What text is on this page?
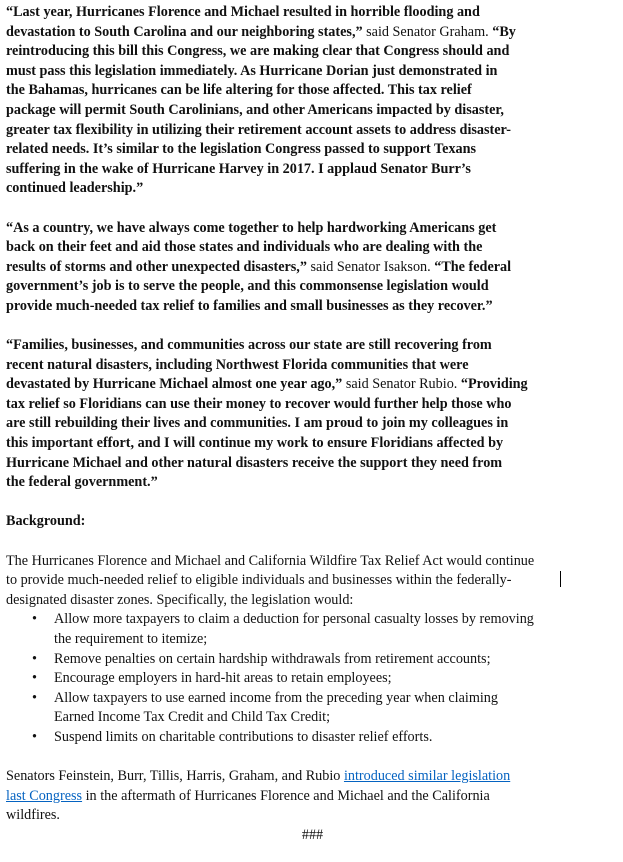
“Last year, Hurricanes Florence and Michael resulted in horrible flooding and
devastation to South Carolina and our neighboring states,” said Senator Graham. “By
reintroducing this bill this Congress, we are making clear that Congress should and
must pass this legislation immediately. As Hurricane Dorian just demonstrated in
the Bahamas, hurricanes can be life altering for those affected. This tax relief
package will permit South Carolinians, and other Americans impacted by disaster,
greater tax flexibility in utilizing their retirement account assets to address disaster-
related needs. It’s similar to the legislation Congress passed to support Texans
suffering in the wake of Hurricane Harvey in 2017. I applaud Senator Burr’s
continued leadership.”
“As a country, we have always come together to help hardworking Americans get
back on their feet and aid those states and individuals who are dealing with the
results of storms and other unexpected disasters,” said Senator Isakson. “The federal
government’s job is to serve the people, and this commonsense legislation would
provide much-needed tax relief to families and small businesses as they recover.”
“Families, businesses, and communities across our state are still recovering from
recent natural disasters, including Northwest Florida communities that were
devastated by Hurricane Michael almost one year ago,” said Senator Rubio. “Providing
tax relief so Floridians can use their money to recover would further help those who
are still rebuilding their lives and communities. I am proud to join my colleagues in
this important effort, and I will continue my work to ensure Floridians affected by
Hurricane Michael and other natural disasters receive the support they need from
the federal government.”
Background:
The Hurricanes Florence and Michael and California Wildfire Tax Relief Act would continue
to provide much-needed relief to eligible individuals and businesses within the federally-
designated disaster zones. Specifically, the legislation would:
• Allow more taxpayers to claim a deduction for personal casualty losses by removing
the requirement to itemize;
• Remove penalties on certain hardship withdrawals from retirement accounts;
• Encourage employers in hard-hit areas to retain employees;
• Allow taxpayers to use earned income from the preceding year when claiming
Earned Income Tax Credit and Child Tax Credit;
• Suspend limits on charitable contributions to disaster relief efforts.
Senators Feinstein, Burr, Tillis, Harris, Graham, and Rubio introduced similar legislation
last Congress in the aftermath of Hurricanes Florence and Michael and the California
wildfires.
###
